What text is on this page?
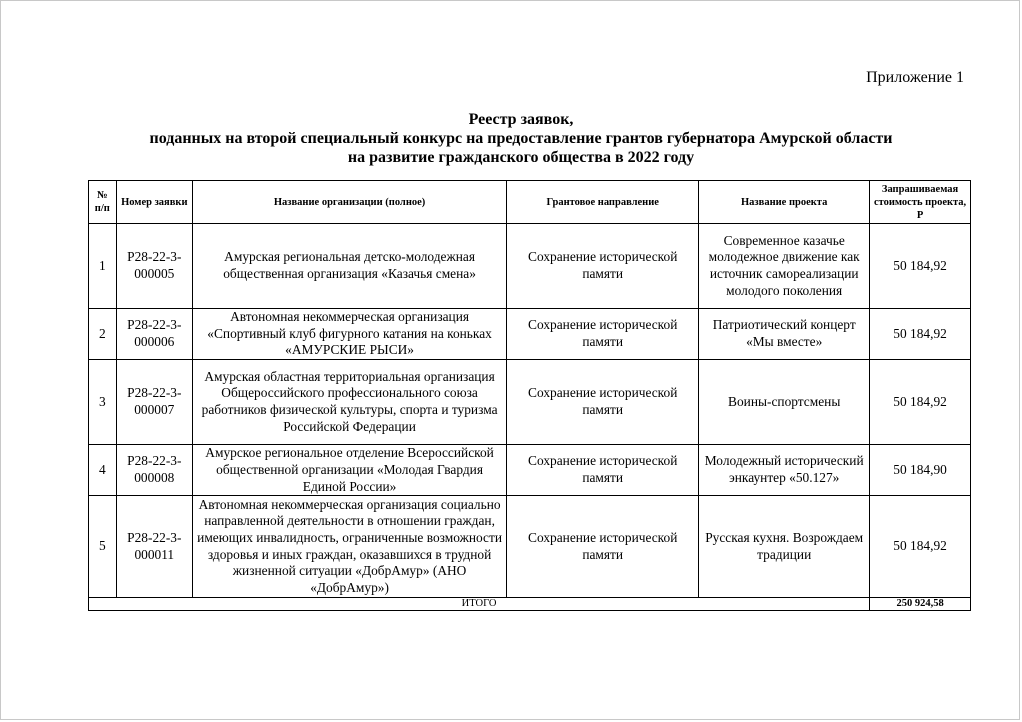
Приложение 1
Реестр заявок,
поданных на второй специальный конкурс на предоставление грантов губернатора Амурской области
на развитие гражданского общества в 2022 году
№ п/п	Номер заявки	Название организации (полное)	Грантовое направление	Название проекта	Запрашиваемая стоимость проекта, Р
1	Р28-22-3-000005	Амурская региональная детско-молодежная общественная организация «Казачья смена»	Сохранение исторической памяти	Современное казачье молодежное движение как источник самореализации молодого поколения	50 184,92
2	Р28-22-3-000006	Автономная некоммерческая организация «Спортивный клуб фигурного катания на коньках «АМУРСКИЕ РЫСИ»	Сохранение исторической памяти	Патриотический концерт «Мы вместе»	50 184,92
3	Р28-22-3-000007	Амурская областная территориальная организация Общероссийского профессионального союза работников физической культуры, спорта и туризма Российской Федерации	Сохранение исторической памяти	Воины-спортсмены	50 184,92
4	Р28-22-3-000008	Амурское региональное отделение Всероссийской общественной организации «Молодая Гвардия Единой России»	Сохранение исторической памяти	Молодежный исторический энкаунтер «50.127»	50 184,90
5	Р28-22-3-000011	Автономная некоммерческая организация социально направленной деятельности в отношении граждан, имеющих инвалидность, ограниченные возможности здоровья и иных граждан, оказавшихся в трудной жизненной ситуации «ДобрАмур» (АНО «ДобрАмур»)	Сохранение исторической памяти	Русская кухня. Возрождаем традиции	50 184,92
ИТОГО					250 924,58
